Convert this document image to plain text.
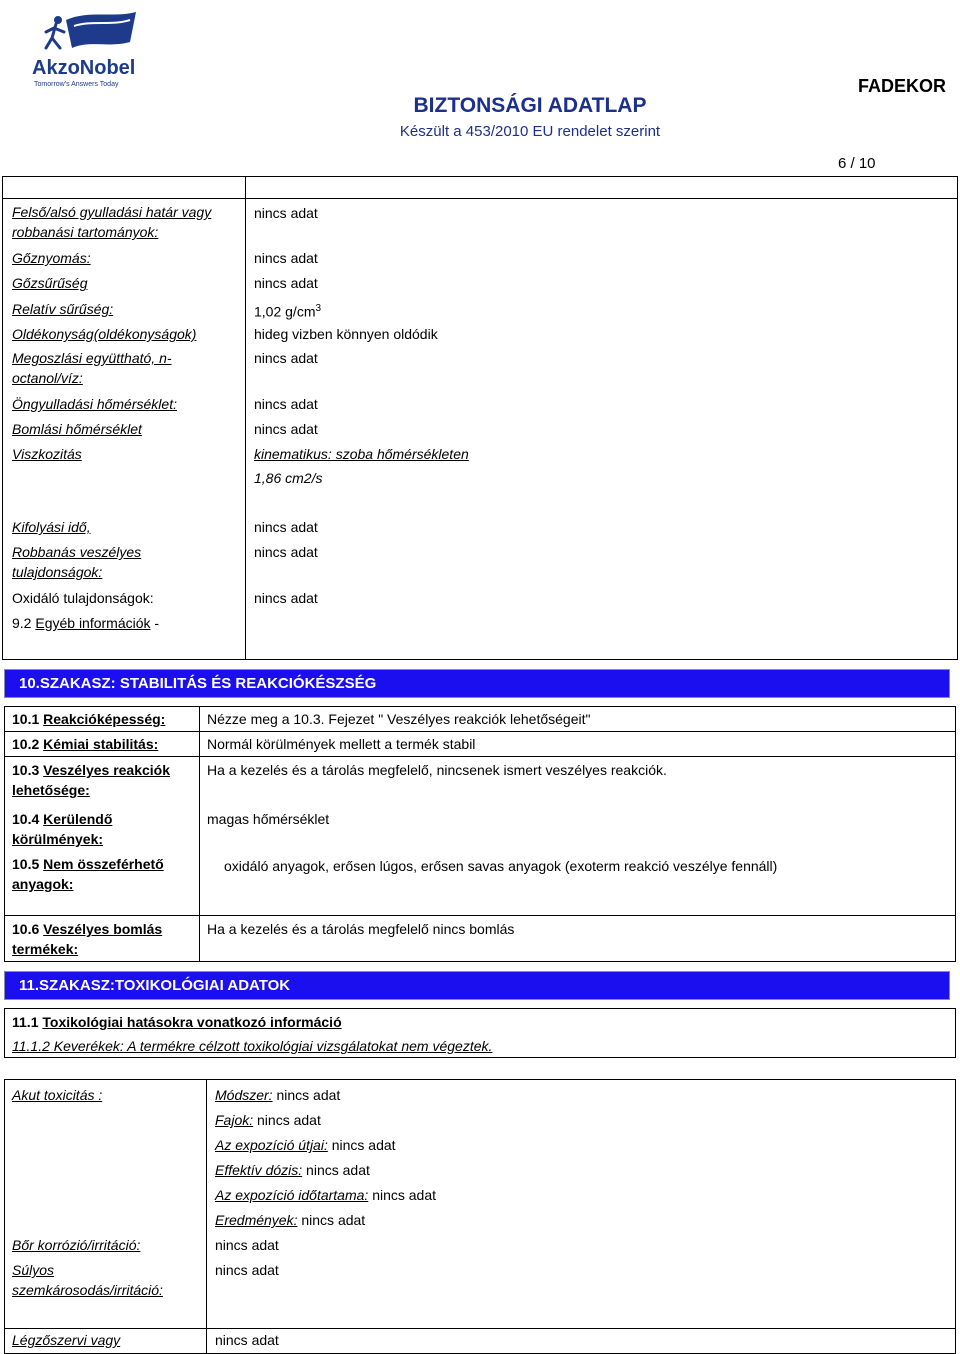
AkzoNobel
Tomorrow's Answers Today	FADEKOR
BIZTONSÁGI ADATLAP
Készült a 453/2010 EU rendelet szerint
6 / 10
Felső/alsó gyulladási határ vagy robbanási tartományok:
nincs adat
Gőznyomás:	nincs adat
Gőzsűrűség	nincs adat
Relatív sűrűség:	1,02 $g/cm^3$
Oldékonyság(oldékonyságok)	hideg vizben könnyen oldódik
Megoszlási együttható, n-octanol/víz:
nincs adat
Öngyulladási hőmérséklet:	nincs adat
Bomlási hőmérséklet	nincs adat
Viszkozitás	kinematikus: szoba hőmérsékleten
1,86 cm2/s
Kifolyási idő,	nincs adat
Robbanás veszélyes tulajdonságok:
nincs adat
Oxidáló tulajdonságok:	nincs adat
9.2 Egyéb információk -
10.SZAKASZ: STABILITÁS ÉS REAKCIÓKÉSZSÉG
10.1 Reakcióképesség:	Nézze meg a 10.3. Fejezet " Veszélyes reakciók lehetőségeit"
10.2 Kémiai stabilitás:	Normál körülmények mellett a termék stabil
10.3 Veszélyes reakciók lehetősége:
Ha a kezelés és a tárolás megfelelő, nincsenek ismert veszélyes reakciók.
10.4 Kerülendő körülmények:
magas hőmérséklet
10.5 Nem összeférhető anyagok:
oxidáló anyagok, erősen lúgos, erősen savas anyagok (exoterm reakció veszélye fennáll)
10.6 Veszélyes bomlás termékek:
Ha a kezelés és a tárolás megfelelő nincs bomlás
11.SZAKASZ:TOXIKOLÓGIAI ADATOK
11.1 Toxikológiai hatásokra vonatkozó információ
11.1.2 Keverékek: A termékre célzott toxikológiai vizsgálatokat nem végeztek.
Akut toxicitás :	Módszer: nincs adat
Fajok: nincs adat
Az expozíció útjai: nincs adat
Effektív dózis: nincs adat
Az expozíció időtartama: nincs adat
Eredmények: nincs adat
Bőr korrózió/irritáció:	nincs adat
Súlyos szemkárosodás/irritáció:
nincs adat
Légzőszervi vagy	nincs adat
